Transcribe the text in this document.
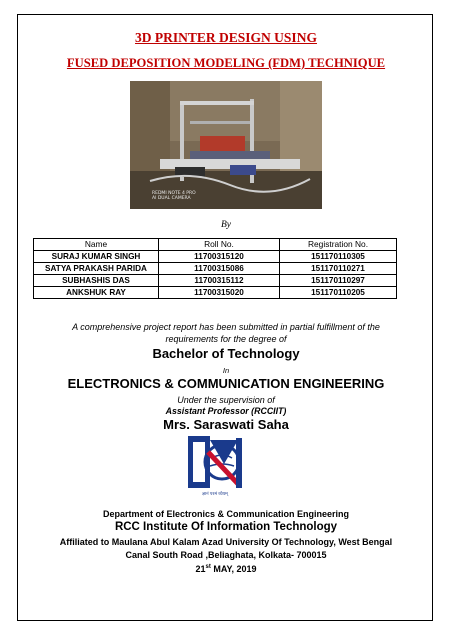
3D PRINTER DESIGN USING
FUSED DEPOSITION MODELING (FDM) TECHNIQUE
REDMI NOTE 4 PRO
AI DUAL CAMERA
By
Name	Roll No.	Registration No.
SURAJ KUMAR SINGH	11700315120	151170110305
SATYA PRAKASH PARIDA	11700315086	151170110271
SUBHASHIS DAS	11700315112	151170110297
ANKSHUK RAY	11700315020	151170110205
A comprehensive project report has been submitted in partial fulfillment of the
requirements for the degree of
Bachelor of Technology
In
ELECTRONICS & COMMUNICATION ENGINEERING
Under the supervision of
Assistant Professor (RCCIIT)
Mrs. Saraswati Saha
ज्ञानं परमं ध्येयम्
Department of Electronics & Communication Engineering
RCC Institute Of Information Technology
Affiliated to Maulana Abul Kalam Azad University Of Technology, West Bengal
Canal South Road ,Beliaghata, Kolkata- 700015
21st MAY, 2019
